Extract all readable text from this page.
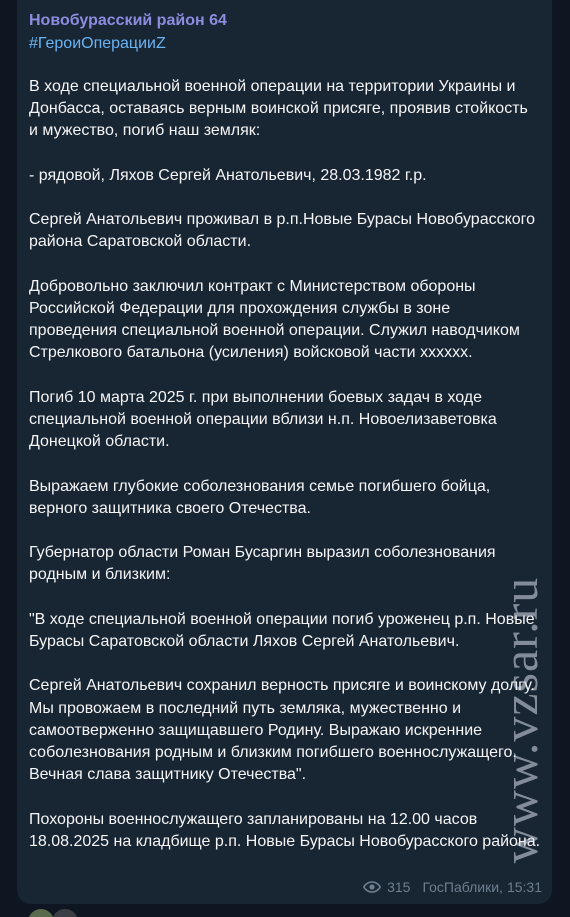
Новобурасский район 64
#ГероиОперацииZ

В ходе специальной военной операции на территории Украины и Донбасса, оставаясь верным воинской присяге, проявив стойкость и мужество, погиб наш земляк:

- рядовой, Ляхов Сергей Анатольевич, 28.03.1982 г.р.

Сергей Анатольевич проживал в р.п.Новые Бурасы Новобурасского района Саратовской области.

Добровольно заключил контракт с Министерством обороны Российской Федерации для прохождения службы в зоне проведения специальной военной операции. Служил наводчиком Стрелкового батальона (усиления) войсковой части хххххх.

Погиб 10 марта 2025 г. при выполнении боевых задач в ходе специальной военной операции вблизи н.п. Новоелизаветовка Донецкой области.

Выражаем глубокие соболезнования семье погибшего бойца, верного защитника своего Отечества.

Губернатор области Роман Бусаргин выразил соболезнования родным и близким:

"В ходе специальной военной операции погиб уроженец р.п. Новые Бурасы Саратовской области Ляхов Сергей Анатольевич.

Сергей Анатольевич сохранил верность присяге и воинскому долгу. Мы провожаем в последний путь земляка, мужественно и самоотверженно защищавшего Родину. Выражаю искренние соболезнования родным и близким погибшего военнослужащего. Вечная слава защитнику Отечества".

Похороны военнослужащего запланированы на 12.00 часов 18.08.2025 на кладбище р.п. Новые Бурасы Новобурасского района.

315 ГосПаблики, 15:31
www.vzsar.ru
